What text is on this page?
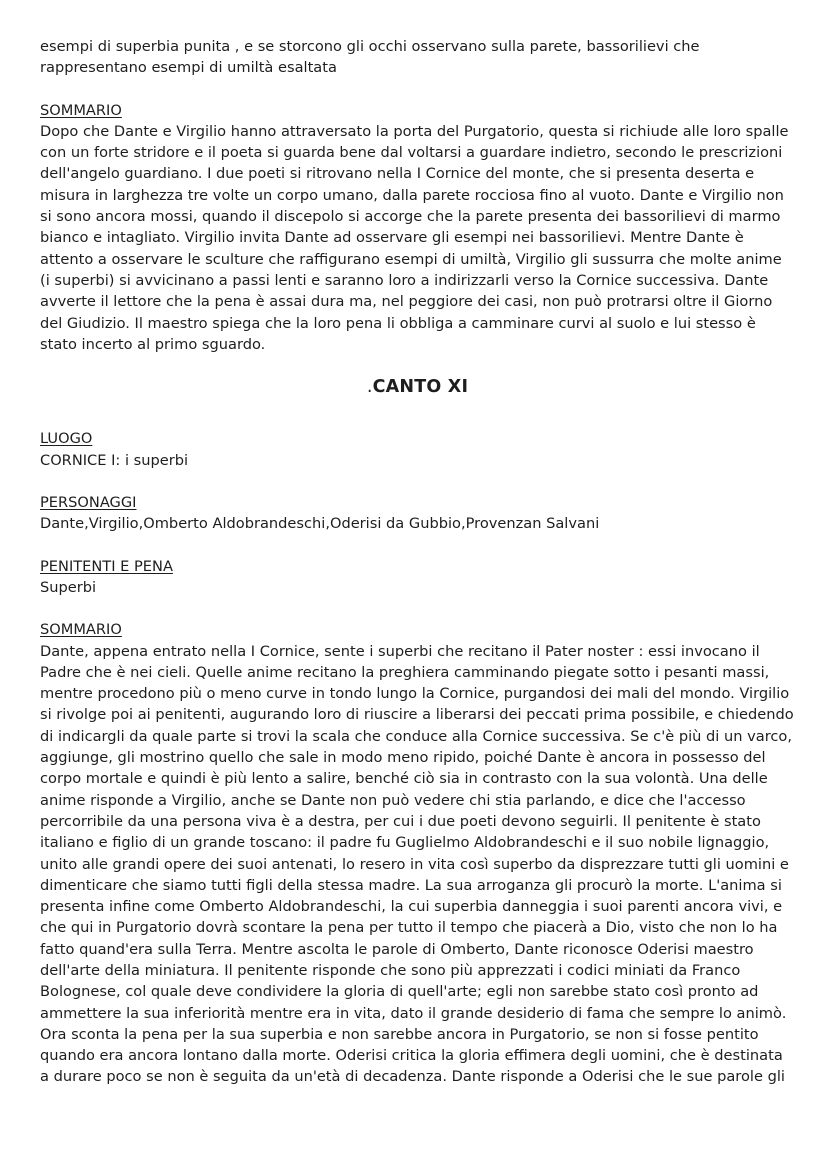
esempi di superbia punita , e se storcono gli occhi osservano sulla parete, bassorilievi che rappresentano esempi di umiltà esaltata

SOMMARIO

Dopo che Dante e Virgilio hanno attraversato la porta del Purgatorio, questa si richiude alle loro spalle con un forte stridore e il poeta si guarda bene dal voltarsi a guardare indietro, secondo le prescrizioni dell'angelo guardiano. I due poeti si ritrovano nella I Cornice del monte, che si presenta deserta e misura in larghezza tre volte un corpo umano, dalla parete rocciosa fino al vuoto. Dante e Virgilio non si sono ancora mossi, quando il discepolo si accorge che la parete presenta dei bassorilievi di marmo bianco e intagliato. Virgilio invita Dante ad osservare gli esempi nei bassorilievi. Mentre Dante è attento a osservare le sculture che raffigurano esempi di umiltà, Virgilio gli sussurra che molte anime (i superbi) si avvicinano a passi lenti e saranno loro a indirizzarli verso la Cornice successiva. Dante avverte il lettore che la pena è assai dura ma, nel peggiore dei casi, non può protrarsi oltre il Giorno del Giudizio. Il maestro spiega che la loro pena li obbliga a camminare curvi al suolo e lui stesso è stato incerto al primo sguardo.

.CANTO XI

LUOGO

CORNICE I: i superbi

PERSONAGGI

Dante,Virgilio,Omberto Aldobrandeschi,Oderisi da Gubbio,Provenzan Salvani

PENITENTI E PENA

Superbi

SOMMARIO

Dante, appena entrato nella I Cornice, sente i superbi che recitano il Pater noster : essi invocano il Padre che è nei cieli. Quelle anime recitano la preghiera camminando piegate sotto i pesanti massi, mentre procedono più o meno curve in tondo lungo la Cornice, purgandosi dei mali del mondo. Virgilio si rivolge poi ai penitenti, augurando loro di riuscire a liberarsi dei peccati prima possibile, e chiedendo di indicargli da quale parte si trovi la scala che conduce alla Cornice successiva. Se c'è più di un varco, aggiunge, gli mostrino quello che sale in modo meno ripido, poiché Dante è ancora in possesso del corpo mortale e quindi è più lento a salire, benché ciò sia in contrasto con la sua volontà. Una delle anime risponde a Virgilio, anche se Dante non può vedere chi stia parlando, e dice che l'accesso percorribile da una persona viva è a destra, per cui i due poeti devono seguirli. Il penitente è stato italiano e figlio di un grande toscano: il padre fu Guglielmo Aldobrandeschi e il suo nobile lignaggio, unito alle grandi opere dei suoi antenati, lo resero in vita così superbo da disprezzare tutti gli uomini e dimenticare che siamo tutti figli della stessa madre. La sua arroganza gli procurò la morte. L'anima si presenta infine come Omberto Aldobrandeschi, la cui superbia danneggia i suoi parenti ancora vivi, e che qui in Purgatorio dovrà scontare la pena per tutto il tempo che piacerà a Dio, visto che non lo ha fatto quand'era sulla Terra. Mentre ascolta le parole di Omberto, Dante riconosce Oderisi maestro dell'arte della miniatura. Il penitente risponde che sono più apprezzati i codici miniati da Franco Bolognese, col quale deve condividere la gloria di quell'arte; egli non sarebbe stato così pronto ad ammettere la sua inferiorità mentre era in vita, dato il grande desiderio di fama che sempre lo animò. Ora sconta la pena per la sua superbia e non sarebbe ancora in Purgatorio, se non si fosse pentito quando era ancora lontano dalla morte. Oderisi critica la gloria effimera degli uomini, che è destinata a durare poco se non è seguita da un'età di decadenza. Dante risponde a Oderisi che le sue parole gli
